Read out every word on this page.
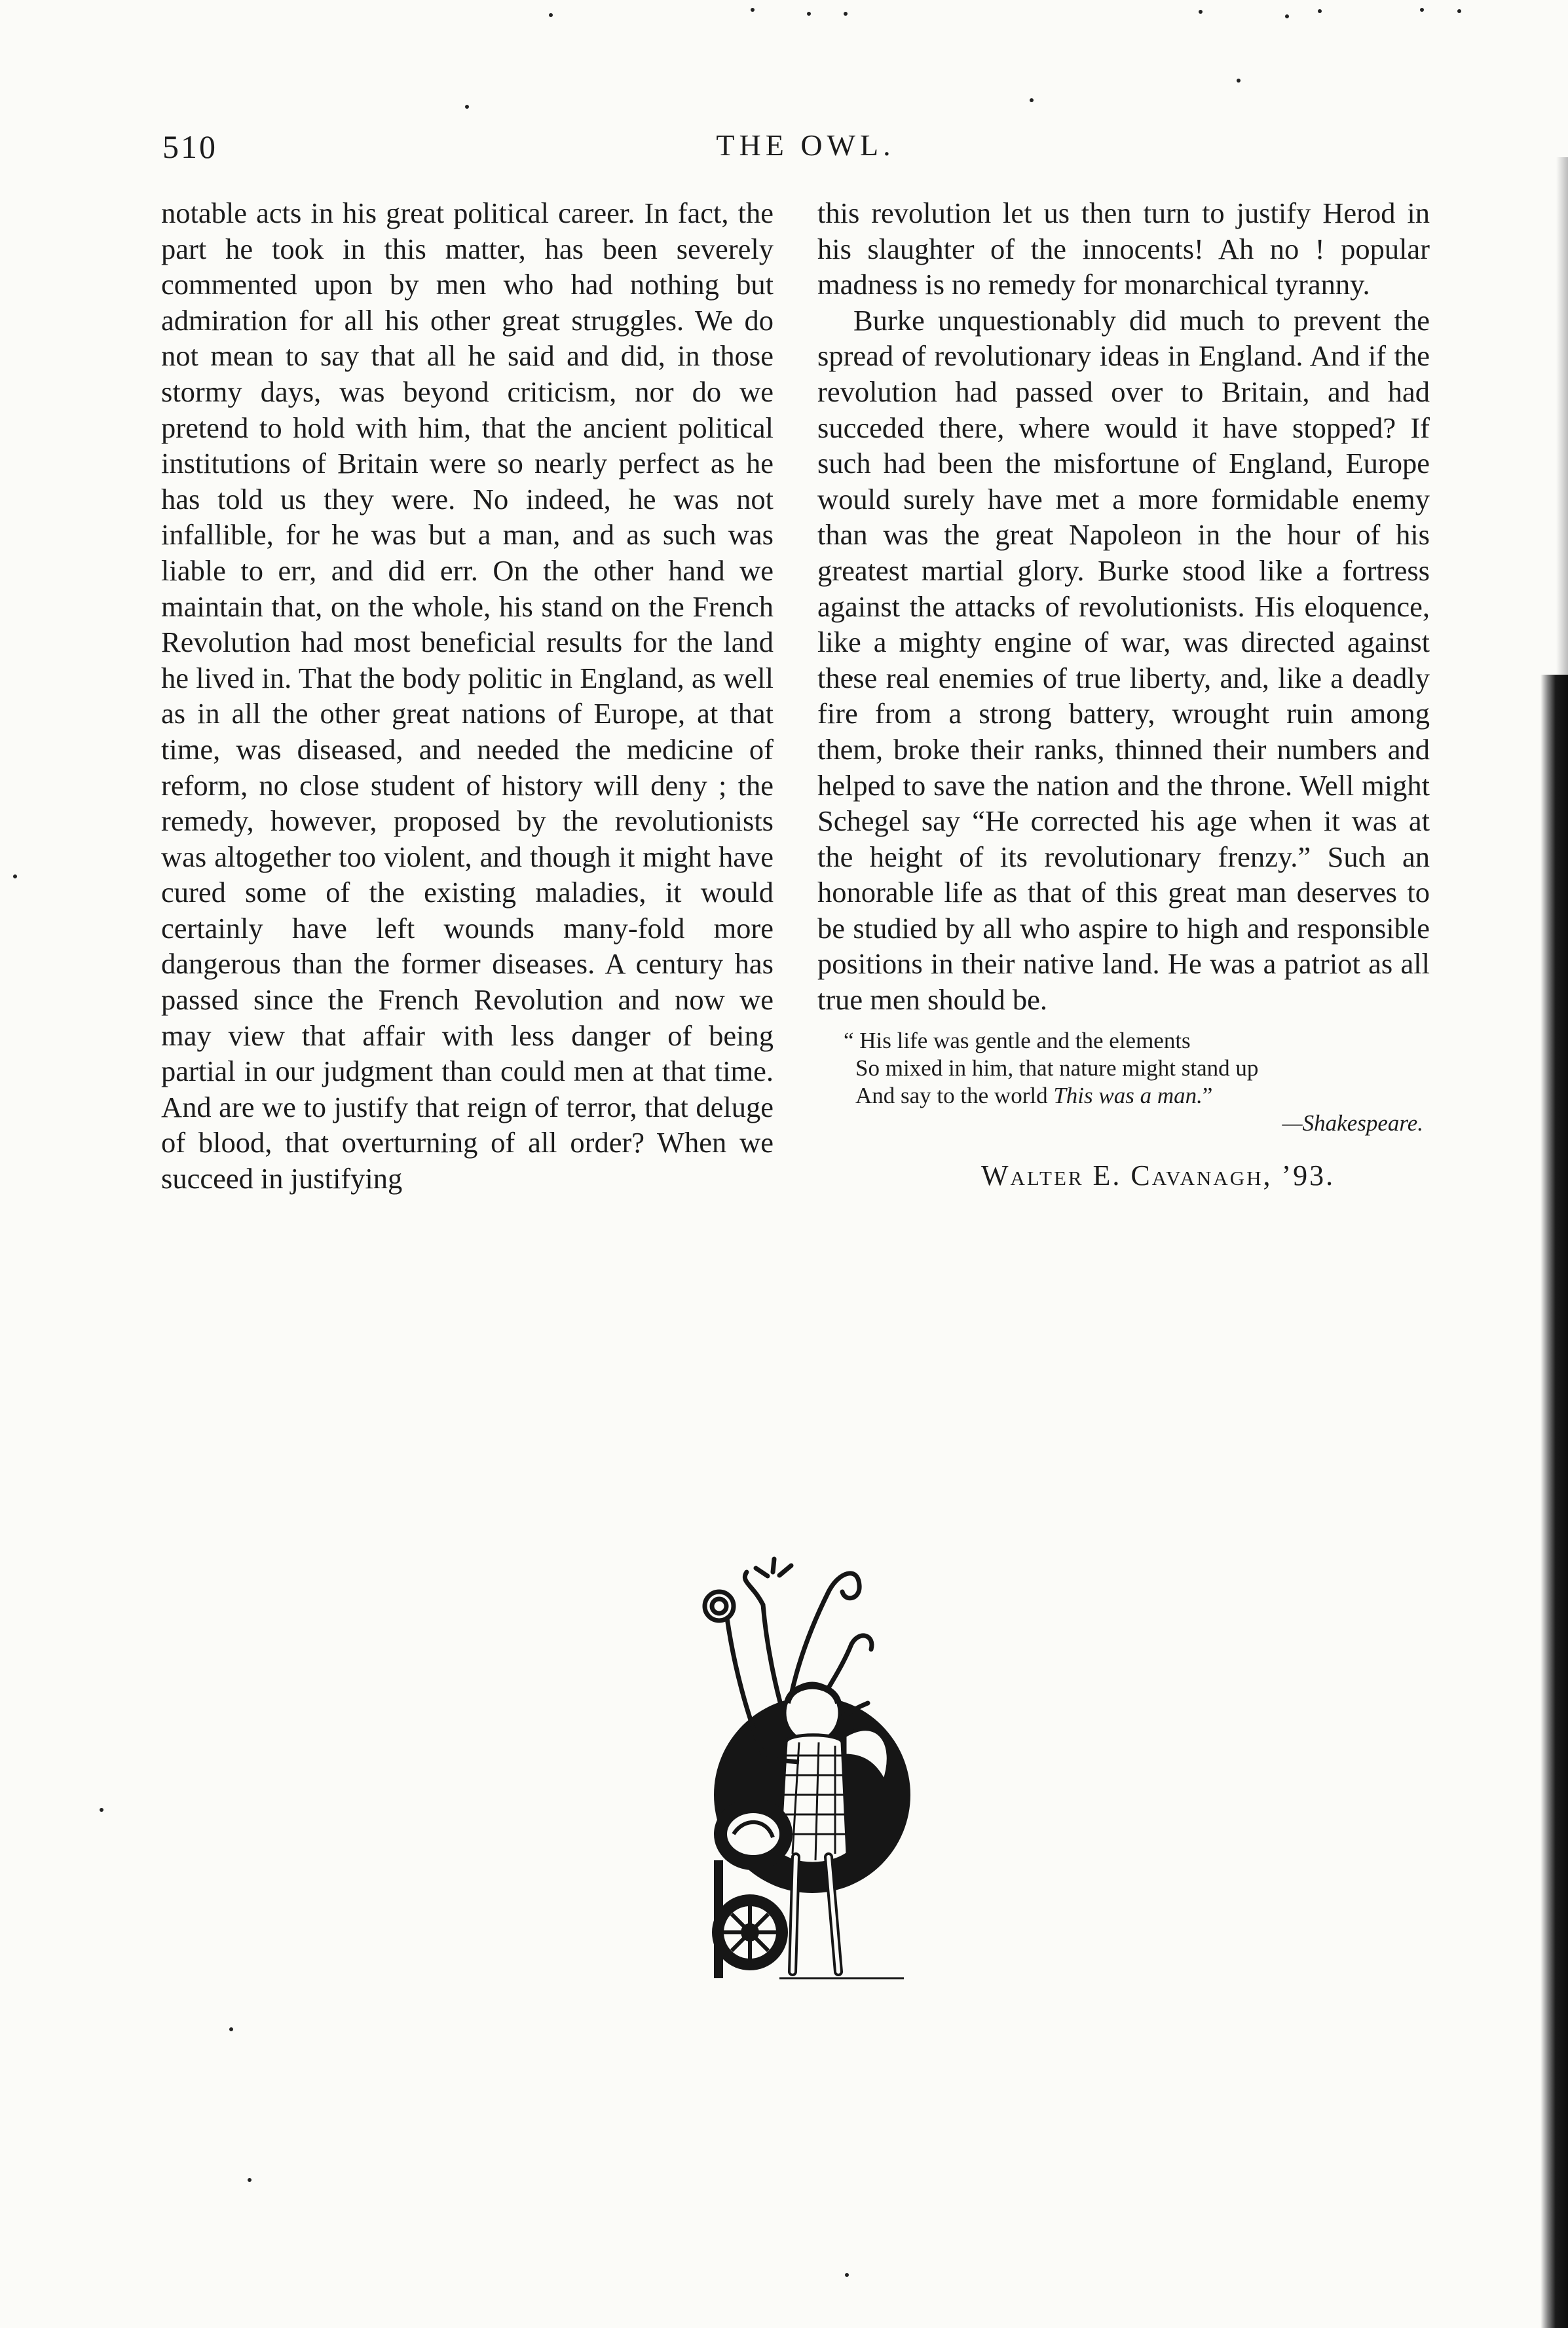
510	THE OWL.

notable acts in his great political career. In fact, the part he took in this matter, has been severely commented upon by men who had nothing but admiration for all his other great struggles. We do not mean to say that all he said and did, in those stormy days, was beyond criticism, nor do we pretend to hold with him, that the ancient political institutions of Britain were so nearly perfect as he has told us they were. No indeed, he was not infallible, for he was but a man, and as such was liable to err, and did err. On the other hand we maintain that, on the whole, his stand on the French Revolution had most beneficial results for the land he lived in. That the body politic in England, as well as in all the other great nations of Europe, at that time, was diseased, and needed the medicine of reform, no close student of history will deny ; the remedy, however, proposed by the revolutionists was altogether too violent, and though it might have cured some of the existing maladies, it would certainly have left wounds many-fold more dangerous than the former diseases. A century has passed since the French Revolution and now we may view that affair with less danger of being partial in our judgment than could men at that time. And are we to justify that reign of terror, that deluge of blood, that overturning of all order? When we succeed in justifying

this revolution let us then turn to justify Herod in his slaughter of the innocents! Ah no ! popular madness is no remedy for monarchical tyranny.

Burke unquestionably did much to prevent the spread of revolutionary ideas in England. And if the revolution had passed over to Britain, and had succeded there, where would it have stopped? If such had been the misfortune of England, Europe would surely have met a more formidable enemy than was the great Napoleon in the hour of his greatest martial glory. Burke stood like a fortress against the attacks of revolutionists. His eloquence, like a mighty engine of war, was directed against these real enemies of true liberty, and, like a deadly fire from a strong battery, wrought ruin among them, broke their ranks, thinned their numbers and helped to save the nation and the throne. Well might Schegel say “He corrected his age when it was at the height of its revolutionary frenzy.” Such an honorable life as that of this great man deserves to be studied by all who aspire to high and responsible positions in their native land. He was a patriot as all true men should be.

“ His life was gentle and the elements
So mixed in him, that nature might stand up
And say to the world This was a man.”
—Shakespeare.
Walter E. Cavanagh, ’93.
